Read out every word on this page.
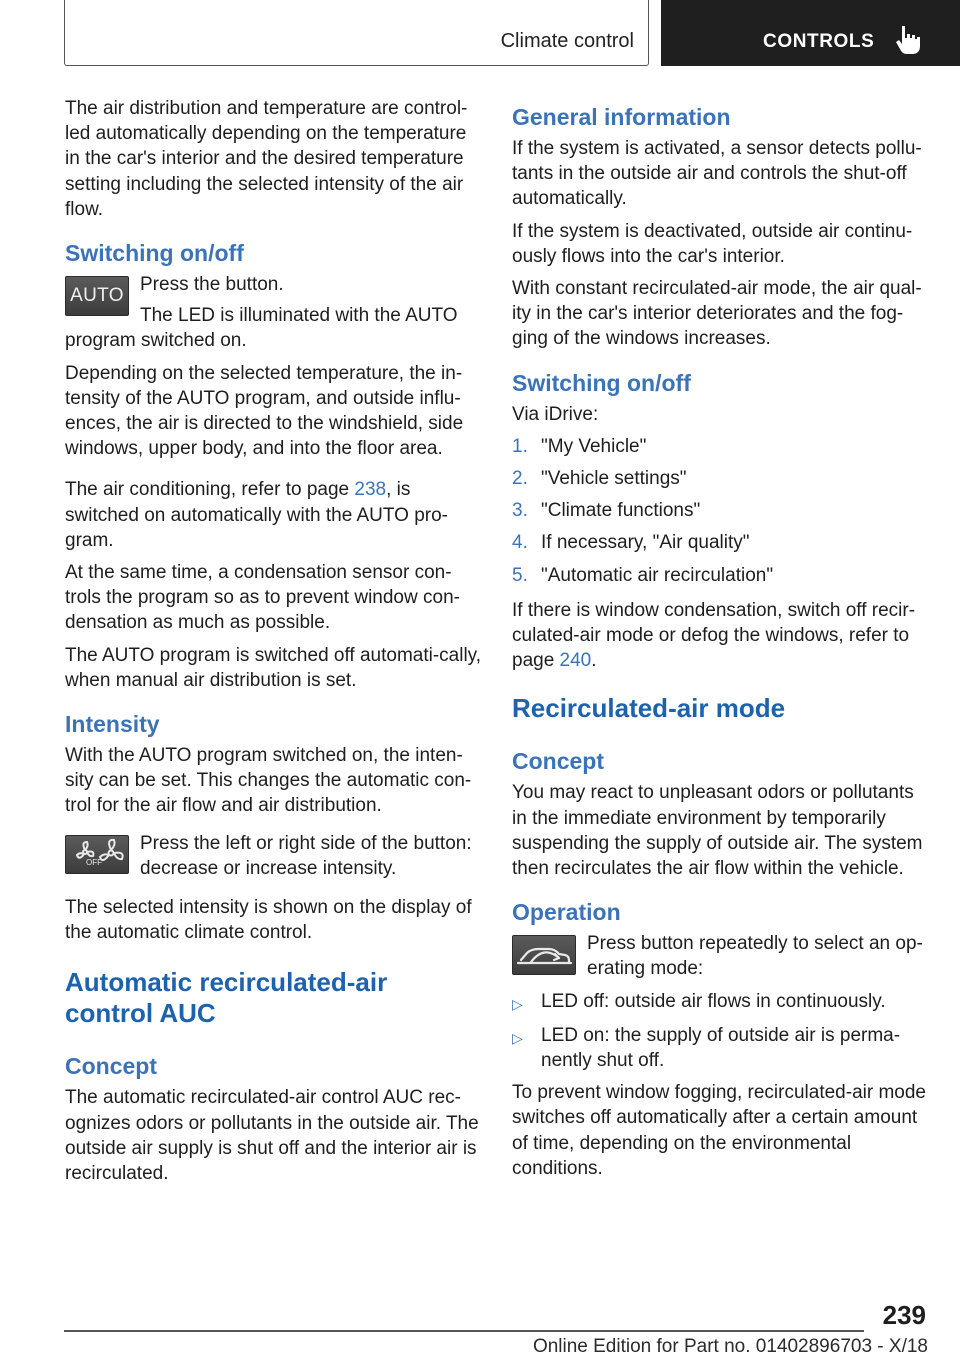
Climate control	CONTROLS

The air distribution and temperature are control-led automatically depending on the temperature in the car's interior and the desired temperature setting including the selected intensity of the air flow.

Switching on/off
AUTO

Press the button.

The LED is illuminated with the AUTO program switched on.

Depending on the selected temperature, the in-tensity of the AUTO program, and outside influ-ences, the air is directed to the windshield, side windows, upper body, and into the floor area.

The air conditioning, refer to page 238, is switched on automatically with the AUTO pro-gram.

At the same time, a condensation sensor con-trols the program so as to prevent window con-densation as much as possible.

The AUTO program is switched off automati-cally, when manual air distribution is set.

Intensity

With the AUTO program switched on, the inten-sity can be set. This changes the automatic con-trol for the air flow and air distribution.

OFF

Press the left or right side of the button: decrease or increase intensity.

The selected intensity is shown on the display of the automatic climate control.

Automatic recirculated-air
control AUC
Concept

The automatic recirculated-air control AUC rec-ognizes odors or pollutants in the outside air. The outside air supply is shut off and the interior air is recirculated.

General information

If the system is activated, a sensor detects pollu-tants in the outside air and controls the shut-off automatically.

If the system is deactivated, outside air continu-ously flows into the car's interior.

With constant recirculated-air mode, the air qual-ity in the car's interior deteriorates and the fog-ging of the windows increases.

Switching on/off

Via iDrive:

1. "My Vehicle"
2. "Vehicle settings"
3. "Climate functions"
4. If necessary, "Air quality"
5. "Automatic air recirculation"

If there is window condensation, switch off recir-culated-air mode or defog the windows, refer to page 240.

Recirculated-air mode
Concept

You may react to unpleasant odors or pollutants in the immediate environment by temporarily suspending the supply of outside air. The system then recirculates the air flow within the vehicle.

Operation

Press button repeatedly to select an op-erating mode:

▷ LED off: outside air flows in continuously.
▷ LED on: the supply of outside air is perma-nently shut off.

To prevent window fogging, recirculated-air mode switches off automatically after a certain amount of time, depending on the environmental conditions.

239
Online Edition for Part no. 01402896703 - X/18
